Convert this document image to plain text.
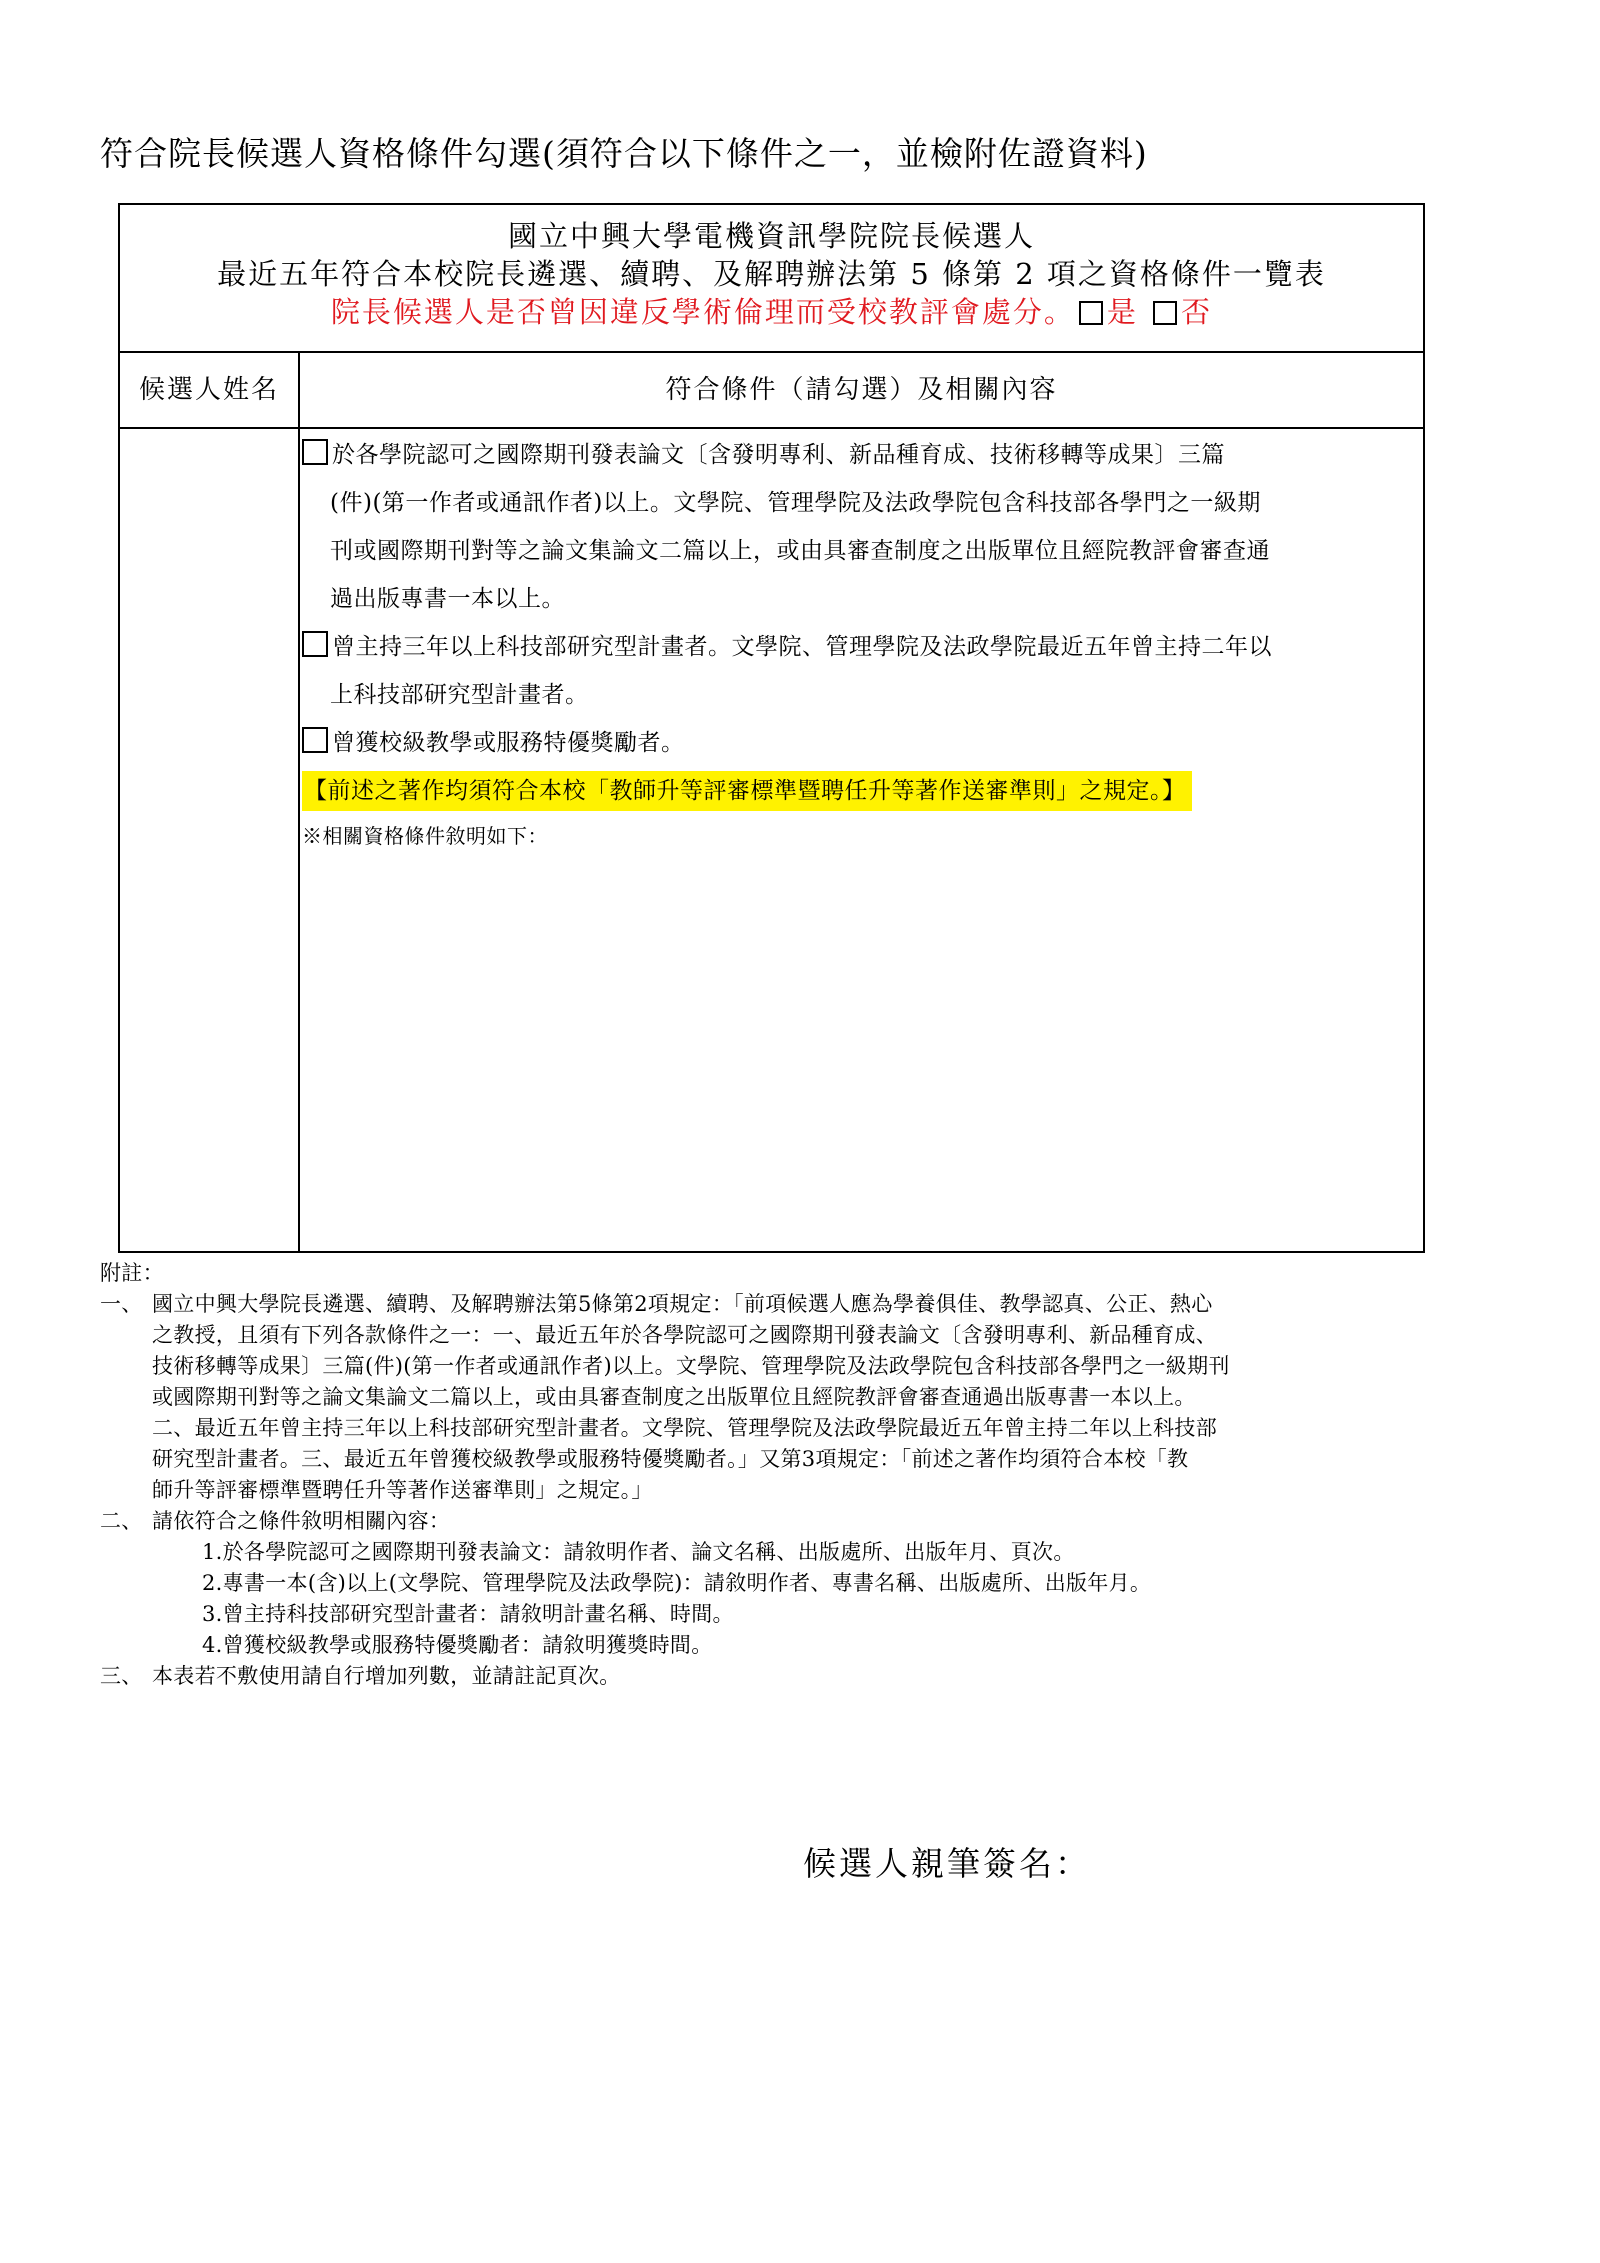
符合院長候選人資格條件勾選(須符合以下條件之一，並檢附佐證資料)
國立中興大學電機資訊學院院長候選人
最近五年符合本校院長遴選、續聘、及解聘辦法第 5 條第 2 項之資格條件一覽表
院長候選人是否曾因違反學術倫理而受校教評會處分。 是 否
候選人姓名	符合條件（請勾選）及相關內容
於各學院認可之國際期刊發表論文〔含發明專利、新品種育成、技術移轉等成果〕三篇
(件)(第一作者或通訊作者)以上。文學院、管理學院及法政學院包含科技部各學門之一級期
刊或國際期刊對等之論文集論文二篇以上，或由具審查制度之出版單位且經院教評會審查通
過出版專書一本以上。
曾主持三年以上科技部研究型計畫者。文學院、管理學院及法政學院最近五年曾主持二年以
上科技部研究型計畫者。
曾獲校級教學或服務特優獎勵者。
【前述之著作均須符合本校「教師升等評審標準暨聘任升等著作送審準則」之規定。】
※相關資格條件敘明如下：
附註：
一、 國立中興大學院長遴選、續聘、及解聘辦法第5條第2項規定：「前項候選人應為學養俱佳、教學認真、公正、熱心
之教授，且須有下列各款條件之一：一、最近五年於各學院認可之國際期刊發表論文〔含發明專利、新品種育成、
技術移轉等成果〕三篇(件)(第一作者或通訊作者)以上。文學院、管理學院及法政學院包含科技部各學門之一級期刊
或國際期刊對等之論文集論文二篇以上，或由具審查制度之出版單位且經院教評會審查通過出版專書一本以上。
二、最近五年曾主持三年以上科技部研究型計畫者。文學院、管理學院及法政學院最近五年曾主持二年以上科技部
研究型計畫者。三、最近五年曾獲校級教學或服務特優獎勵者。」又第3項規定：「前述之著作均須符合本校「教
師升等評審標準暨聘任升等著作送審準則」之規定。」
二、 請依符合之條件敘明相關內容：
1.於各學院認可之國際期刊發表論文：請敘明作者、論文名稱、出版處所、出版年月、頁次。
2.專書一本(含)以上(文學院、管理學院及法政學院)：請敘明作者、專書名稱、出版處所、出版年月。
3.曾主持科技部研究型計畫者：請敘明計畫名稱、時間。
4.曾獲校級教學或服務特優獎勵者：請敘明獲獎時間。
三、 本表若不敷使用請自行增加列數，並請註記頁次。
候選人親筆簽名：
